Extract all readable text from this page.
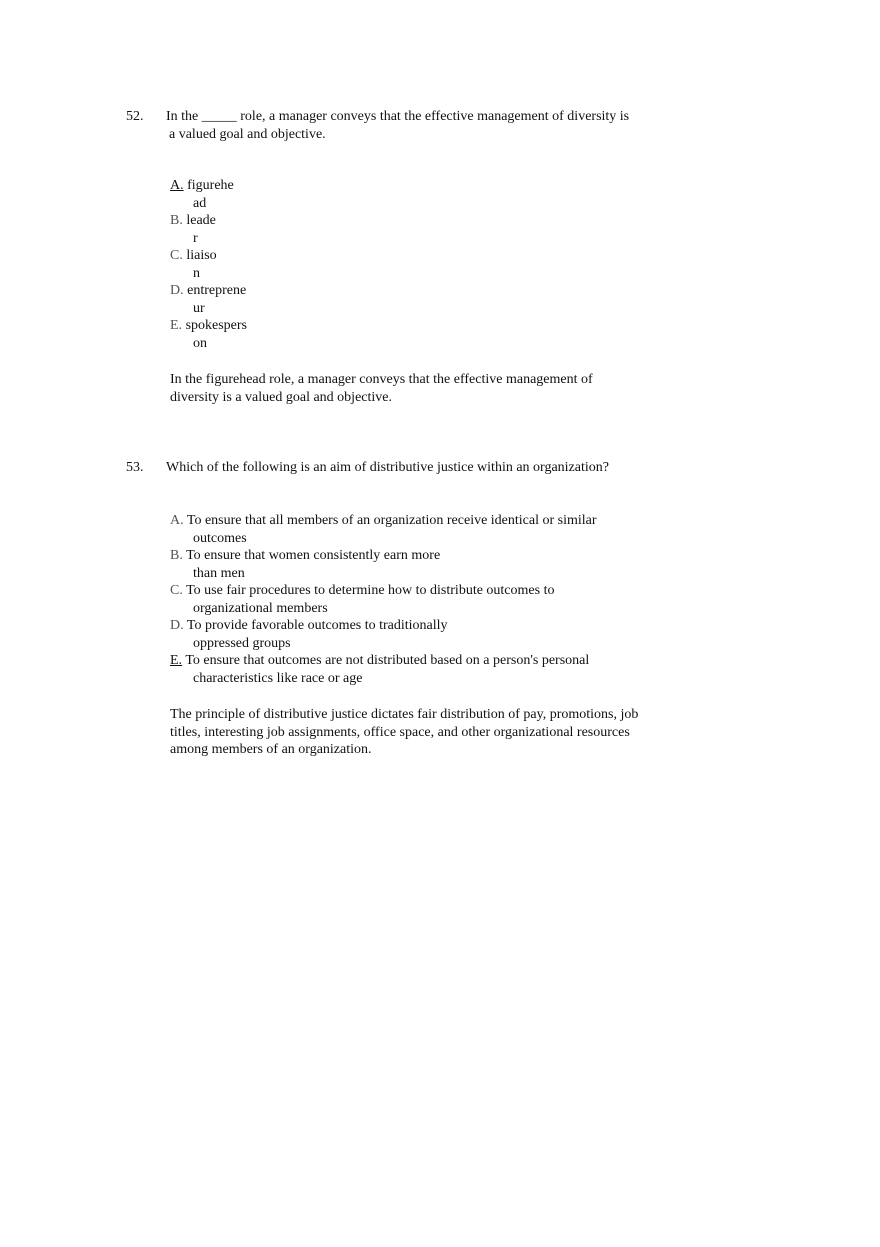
52. In the _____ role, a manager conveys that the effective management of diversity is
a valued goal and objective.
A. figurehe
ad
B. leade
r
C. liaiso
n
D. entreprene
ur
E. spokespers
on
In the figurehead role, a manager conveys that the effective management of
diversity is a valued goal and objective.
53. Which of the following is an aim of distributive justice within an organization?
A. To ensure that all members of an organization receive identical or similar
outcomes
B. To ensure that women consistently earn more
than men
C. To use fair procedures to determine how to distribute outcomes to
organizational members
D. To provide favorable outcomes to traditionally
oppressed groups
E. To ensure that outcomes are not distributed based on a person's personal
characteristics like race or age
The principle of distributive justice dictates fair distribution of pay, promotions, job
titles, interesting job assignments, office space, and other organizational resources
among members of an organization.
